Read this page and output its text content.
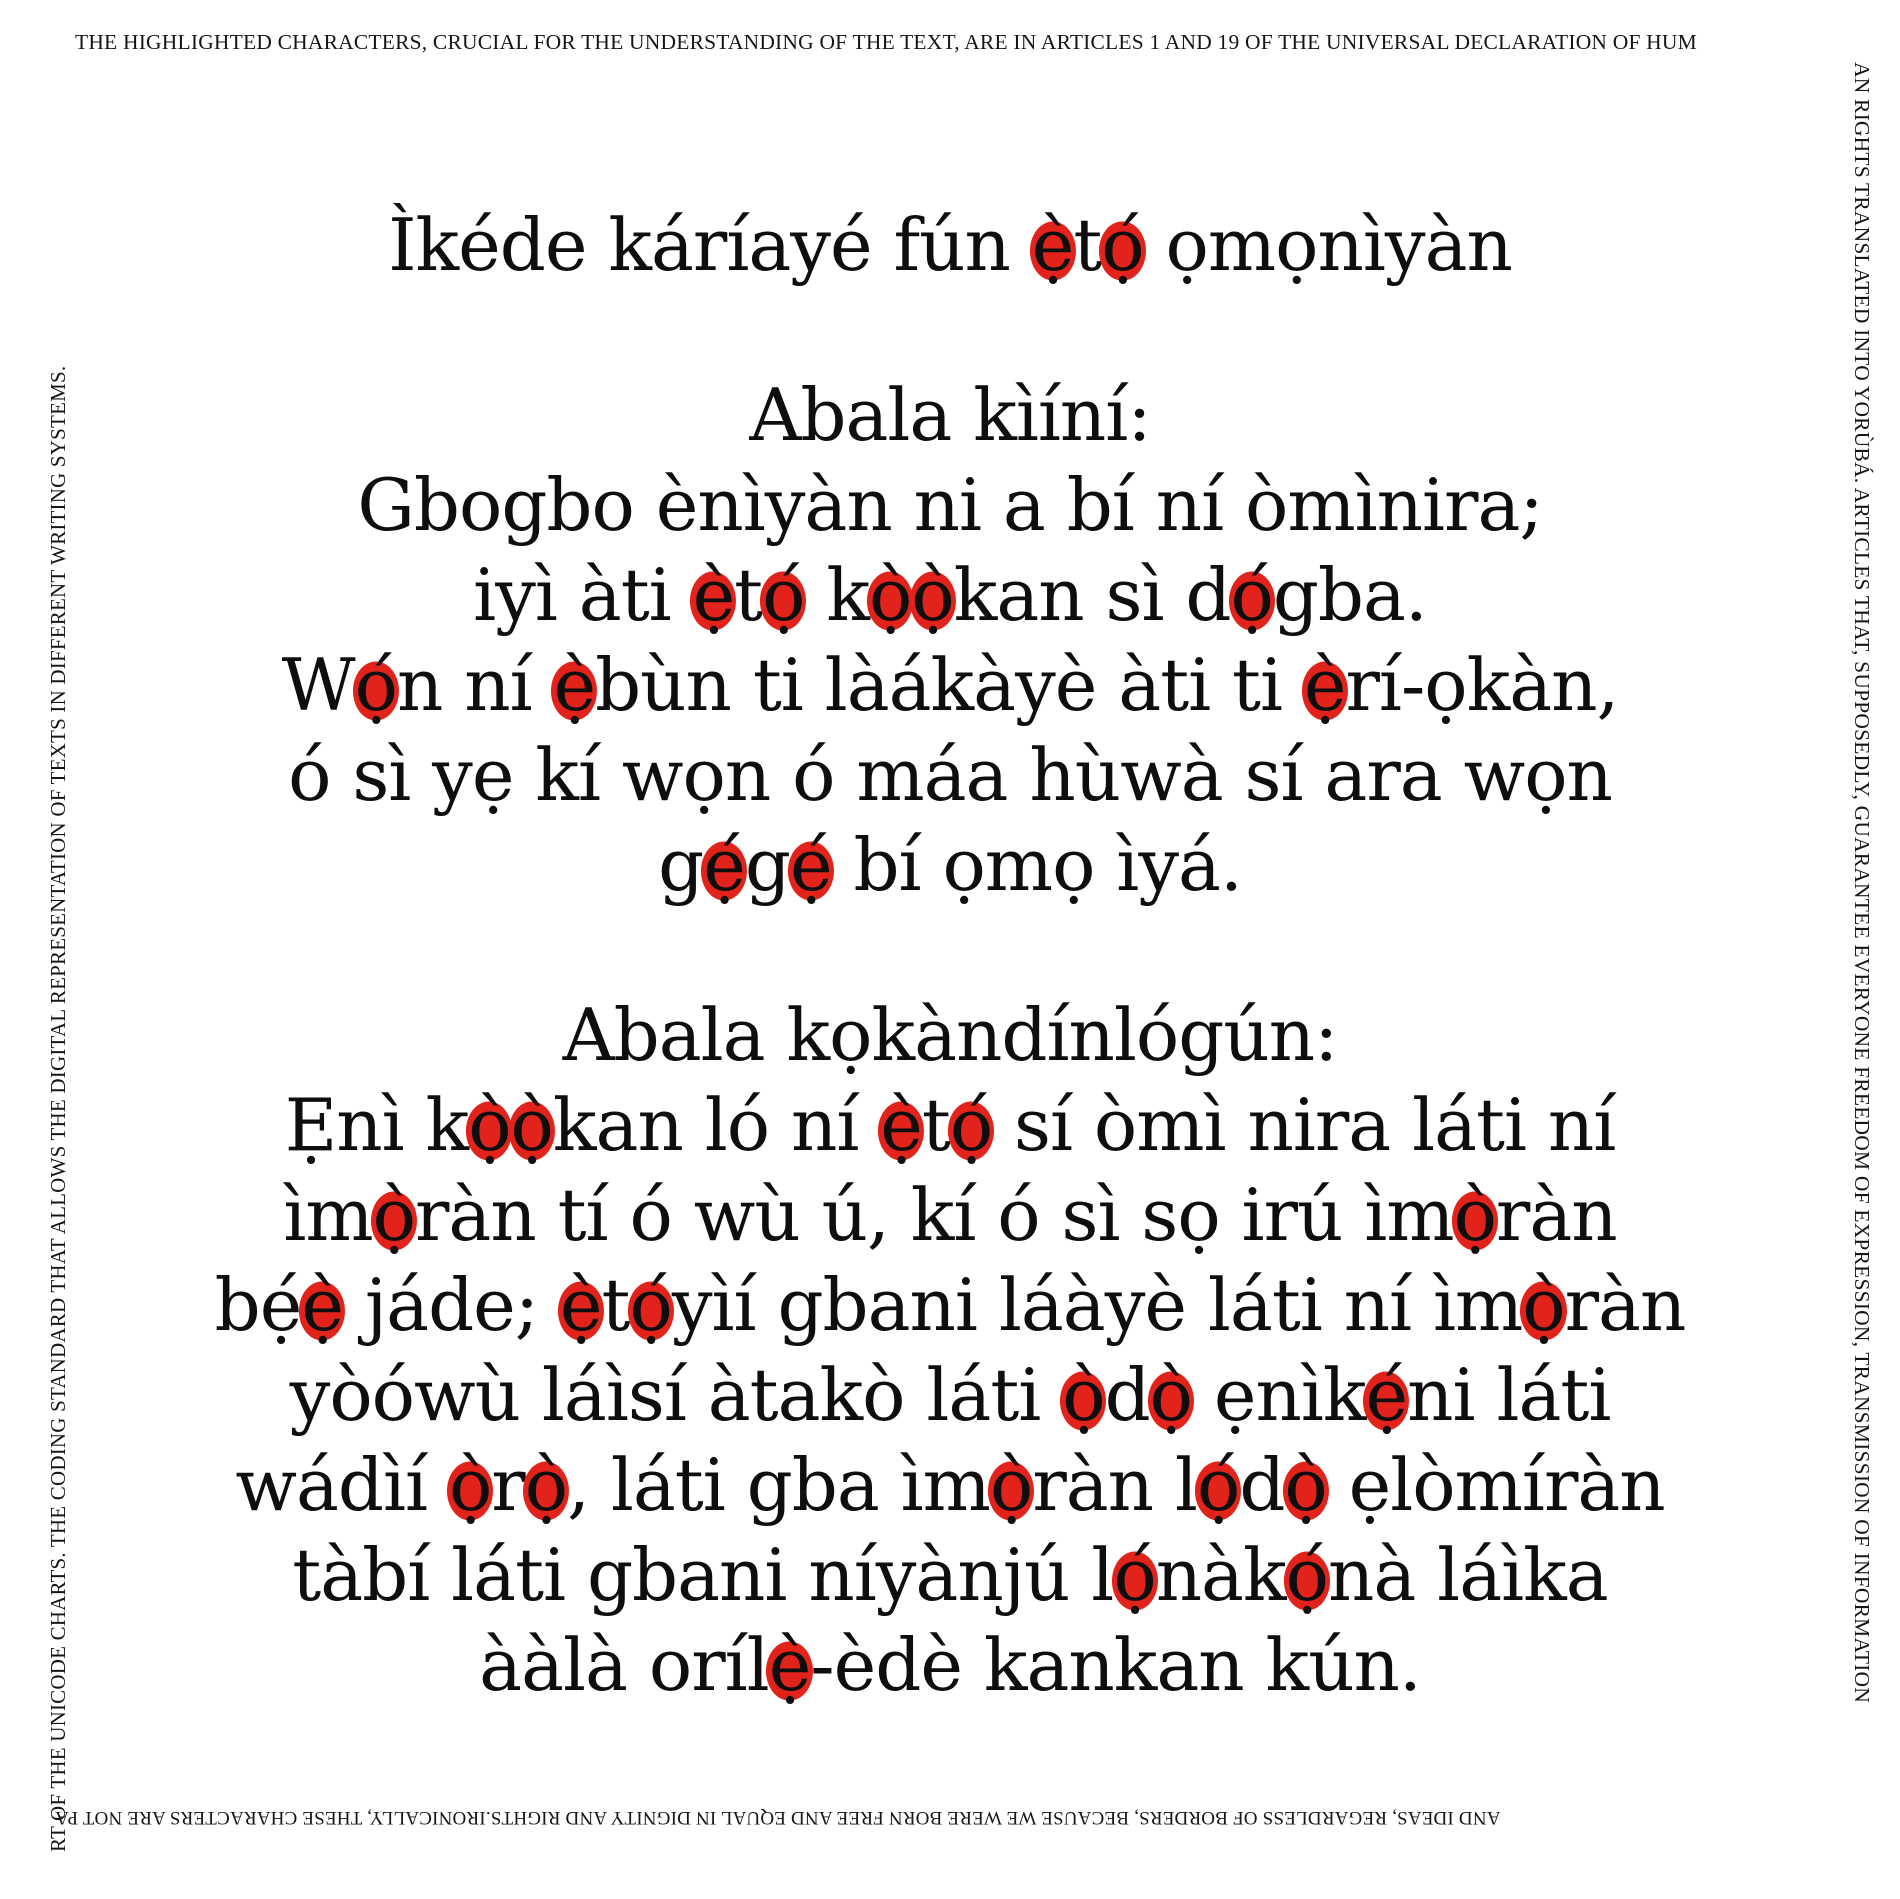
THE HIGHLIGHTED CHARACTERS, CRUCIAL FOR THE UNDERSTANDING OF THE TEXT, ARE IN ARTICLES 1 AND 19 OF THE UNIVERSAL DECLARATION OF HUM
AN RIGHTS TRANSLATED INTO YORÙBÁ. ARTICLES THAT, SUPPOSEDLY, GUARANTEE EVERYONE FREEDOM OF EXPRESSION, TRANSMISSION OF INFORMATION
AND IDEAS, REGARDLESS OF BORDERS, BECAUSE WE WERE BORN FREE AND EQUAL IN DIGNITY AND RIGHTS.IRONICALLY, THESE CHARACTERS ARE NOT PA
RT OF THE UNICODE CHARTS. THE CODING STANDARD THAT ALLOWS THE DIGITAL REPRESENTATION OF TEXTS IN DIFFERENT WRITING SYSTEMS.
Ìkéde káríayé fún ẹ̀tọ́ ọmọnìyàn
Abala kìíní:
Gbogbo ènìyàn ni a bí ní òmìnira;
iyì àti ẹ̀tọ́ kọ̀ọ̀kan sì dọ́gba.
Wọ́n ní ẹ̀bùn ti làákàyè àti ti ẹ̀rí-ọkàn,
ó sì yẹ kí wọn ó máa hùwà sí ara wọn
gẹ́gẹ́ bí ọmọ ìyá.
Abala kọkàndínlógún:
Ẹnì kọ̀ọ̀kan ló ní ẹ̀tọ́ sí òmì nira láti ní
ìmọ̀ràn tí ó wù ú, kí ó sì sọ irú ìmọ̀ràn
bẹ́ẹ̀ jáde; ẹ̀tọ́yìí gbani láàyè láti ní ìmọ̀ràn
yòówù láìsí àtakò láti ọ̀dọ̀ ẹnìkẹ́ni láti
wádìí ọ̀rọ̀, láti gba ìmọ̀ràn lọ́dọ̀ ẹlòmíràn
tàbí láti gbani níyànjú lọ́nàkọ́nà láìka
ààlà orílẹ̀-èdè kankan kún.
